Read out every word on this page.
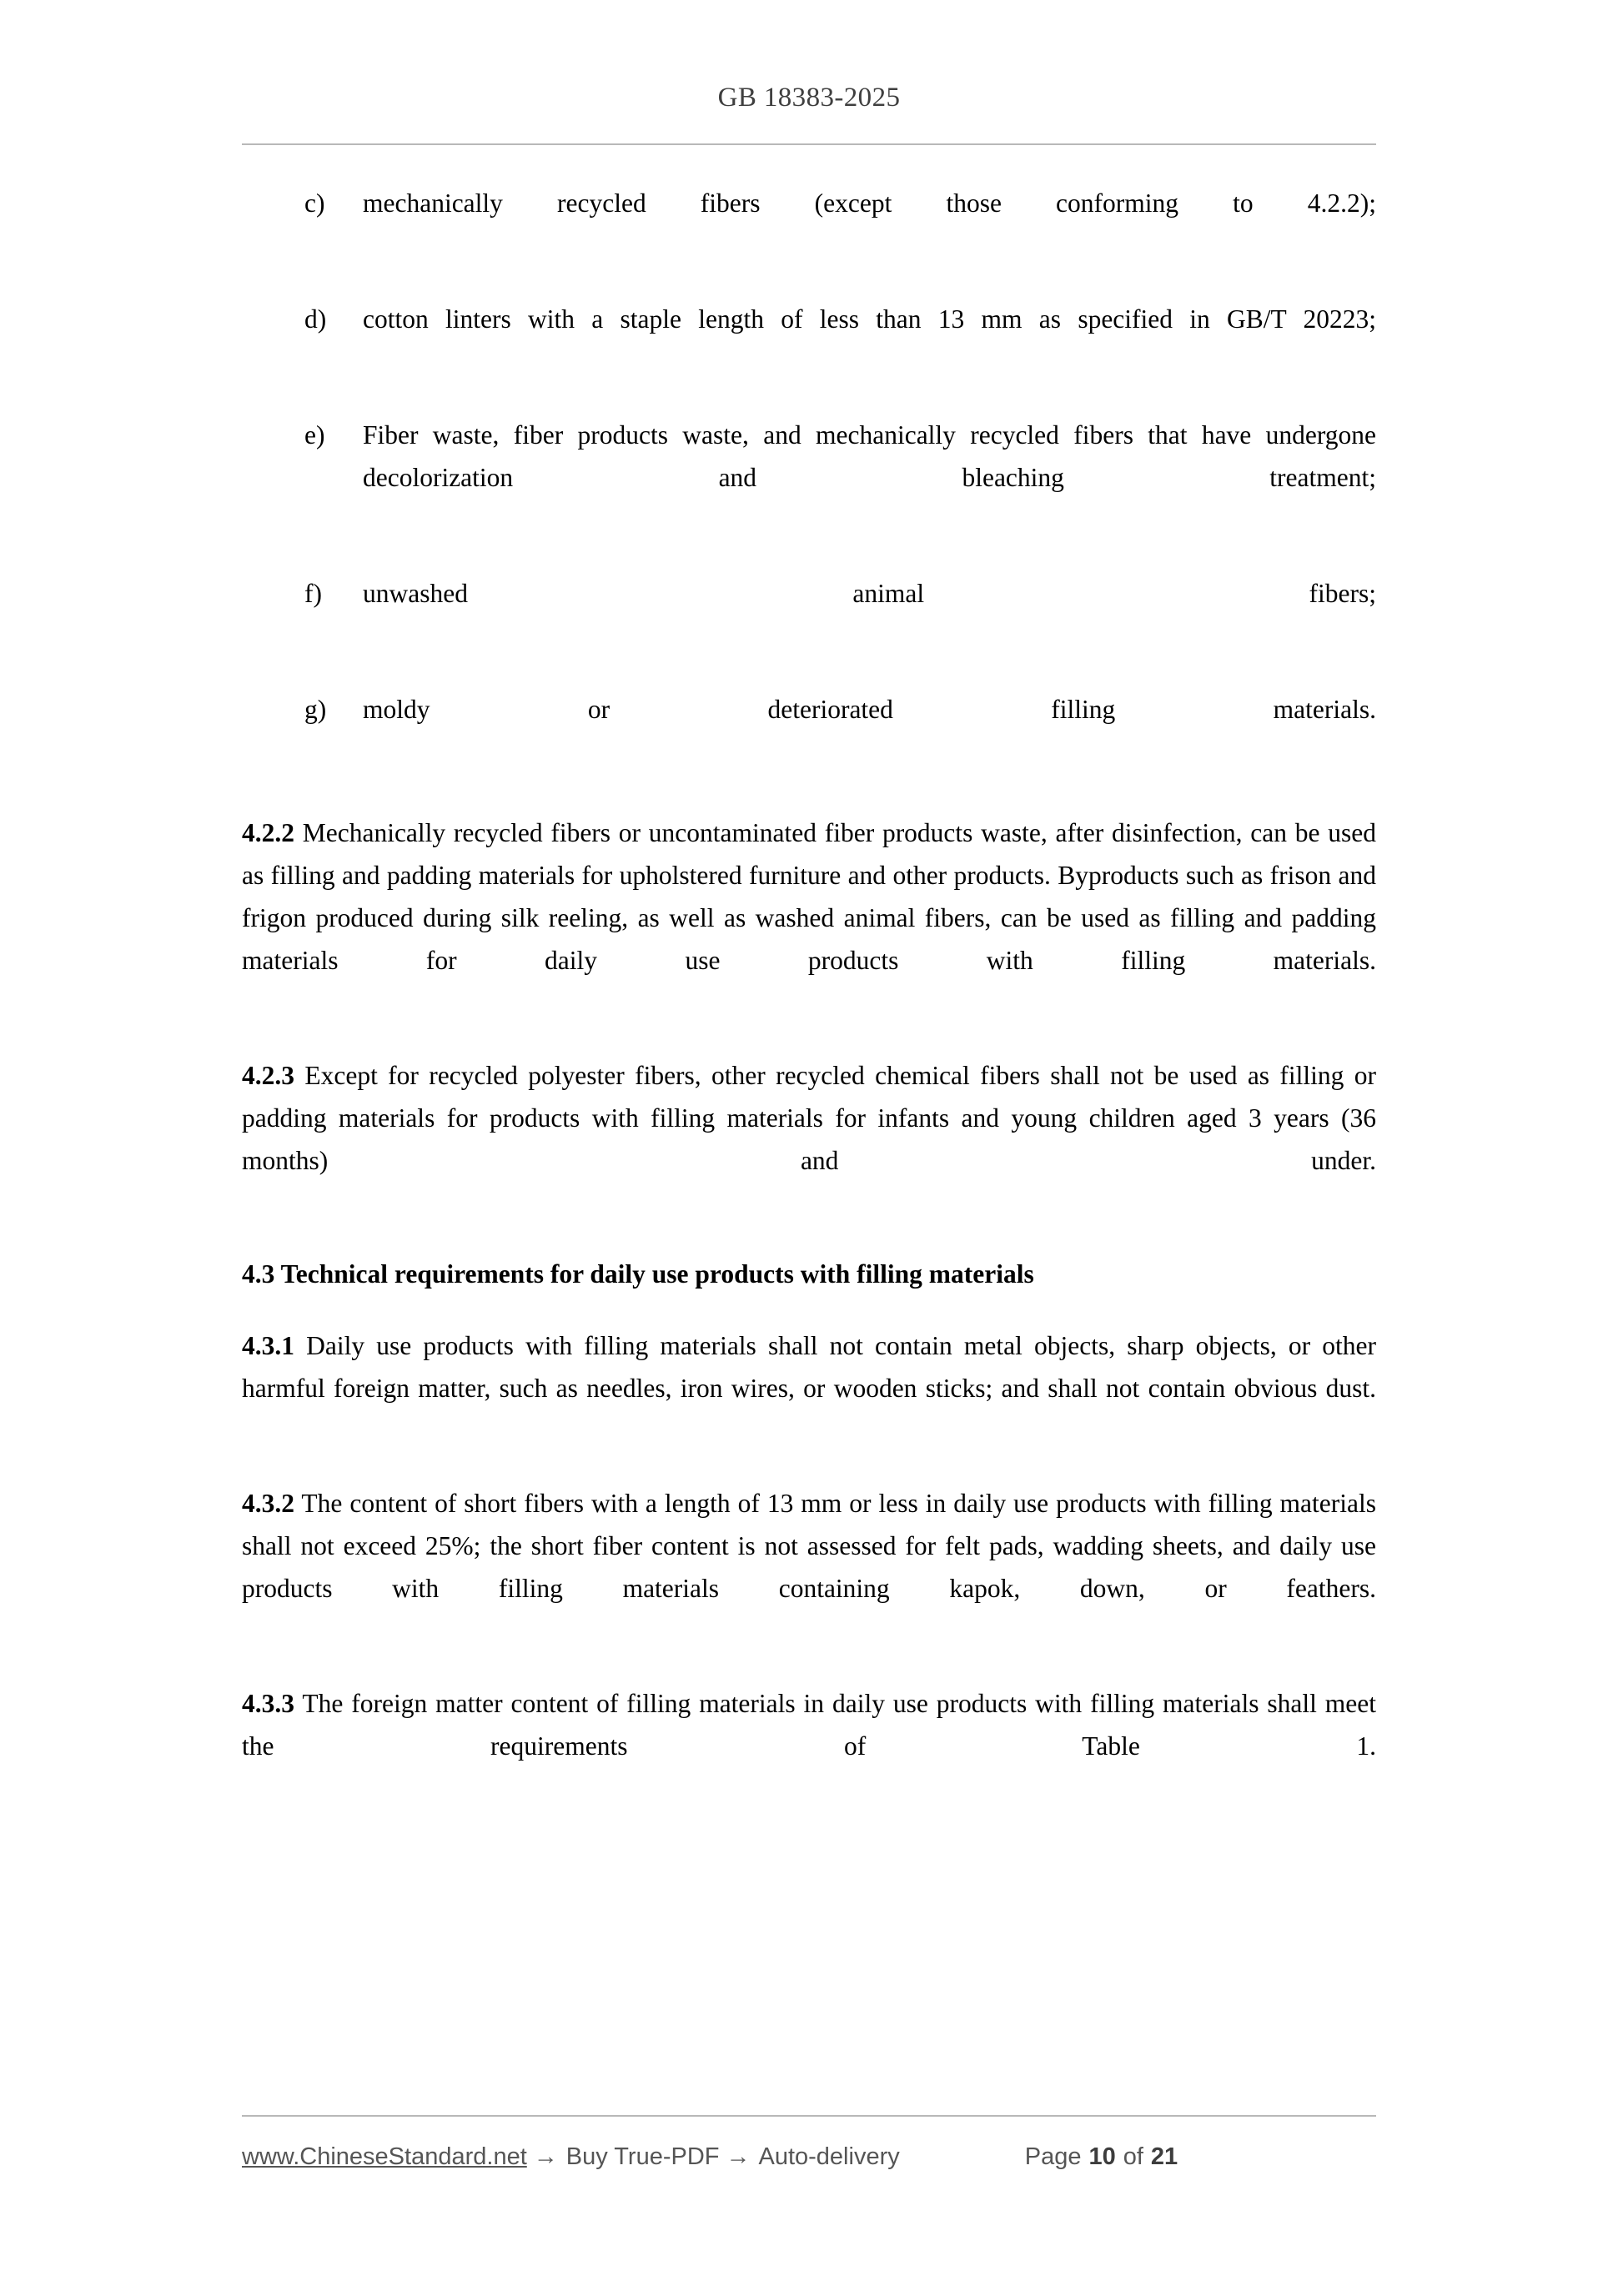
GB 18383-2025
c)	mechanically recycled fibers (except those conforming to 4.2.2);
d)	cotton linters with a staple length of less than 13 mm as specified in GB/T 20223;
e)	Fiber waste, fiber products waste, and mechanically recycled fibers that have undergone decolorization and bleaching treatment;
f)	unwashed animal fibers;
g)	moldy or deteriorated filling materials.

4.2.2 Mechanically recycled fibers or uncontaminated fiber products waste, after disinfection, can be used as filling and padding materials for upholstered furniture and other products. Byproducts such as frison and frigon produced during silk reeling, as well as washed animal fibers, can be used as filling and padding materials for daily use products with filling materials.

4.2.3 Except for recycled polyester fibers, other recycled chemical fibers shall not be used as filling or padding materials for products with filling materials for infants and young children aged 3 years (36 months) and under.

4.3 Technical requirements for daily use products with filling materials

4.3.1 Daily use products with filling materials shall not contain metal objects, sharp objects, or other harmful foreign matter, such as needles, iron wires, or wooden sticks; and shall not contain obvious dust.

4.3.2 The content of short fibers with a length of 13 mm or less in daily use products with filling materials shall not exceed 25%; the short fiber content is not assessed for felt pads, wadding sheets, and daily use products with filling materials containing kapok, down, or feathers.

4.3.3 The foreign matter content of filling materials in daily use products with filling materials shall meet the requirements of Table 1.

www.ChineseStandard.net → Buy True-PDF → Auto-delivery	Page 10 of 21
